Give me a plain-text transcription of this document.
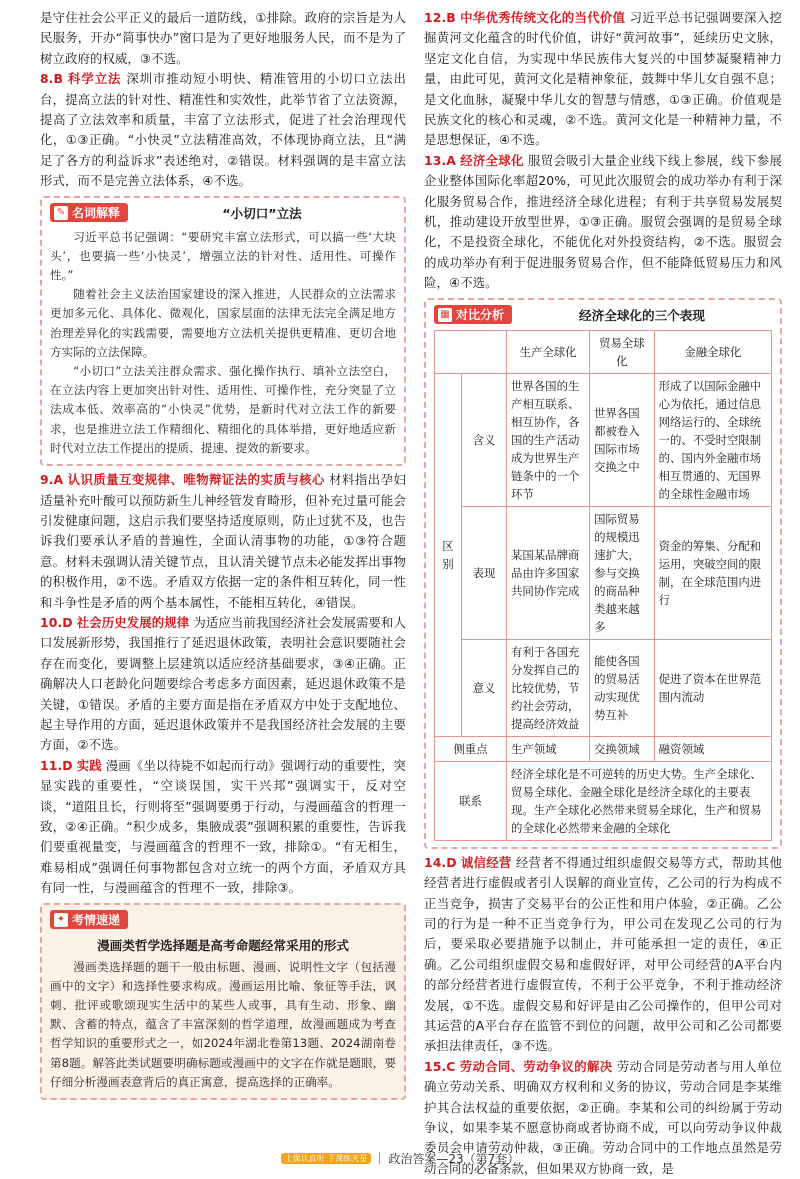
是守住社会公平正义的最后一道防线，①排除。政府的宗旨是为人民服务，开办“简事快办”窗口是为了更好地服务人民，而不是为了树立政府的权威，③不选。

8.B 科学立法 深圳市推动短小明快、精准管用的小切口立法出台，提高立法的针对性、精准性和实效性，此举节省了立法资源，提高了立法效率和质量，丰富了立法形式，促进了社会治理现代化，①③正确。“小快灵”立法精准高效，不体现协商立法，且“满足了各方的利益诉求”表述绝对，②错误。材料强调的是丰富立法形式，而不是完善立法体系，④不选。

✎ 名词解释	“小切口”立法

习近平总书记强调：“要研究丰富立法形式，可以搞一些‘大块头’，也要搞一些‘小快灵’，增强立法的针对性、适用性、可操作性。”

随着社会主义法治国家建设的深入推进，人民群众的立法需求更加多元化、具体化、微观化，国家层面的法律无法完全满足地方治理差异化的实践需要，需要地方立法机关提供更精准、更切合地方实际的立法保障。

“小切口”立法关注群众需求、强化操作执行、填补立法空白，在立法内容上更加突出针对性、适用性、可操作性，充分突显了立法成本低、效率高的“小快灵”优势，是新时代对立法工作的新要求，也是推进立法工作精细化、精细化的具体举措，更好地适应新时代对立法工作提出的提质、提速、提效的新要求。

9.A 认识质量互变规律、唯物辩证法的实质与核心 材料指出孕妇适量补充叶酸可以预防新生儿神经管发育畸形，但补充过量可能会引发健康问题，这启示我们要坚持适度原则，防止过犹不及，也告诉我们要承认矛盾的普遍性，全面认清事物的功能，①③符合题意。材料未强调认清关键节点，且认清关键节点未必能发挥出事物的积极作用，②不选。矛盾双方依据一定的条件相互转化，同一性和斗争性是矛盾的两个基本属性，不能相互转化，④错误。

10.D 社会历史发展的规律 为适应当前我国经济社会发展需要和人口发展新形势，我国推行了延迟退休政策，表明社会意识要随社会存在而变化，要调整上层建筑以适应经济基础要求，③④正确。正确解决人口老龄化问题要综合考虑多方面因素，延迟退休政策不是关键，①错误。矛盾的主要方面是指在矛盾双方中处于支配地位、起主导作用的方面，延迟退休政策并不是我国经济社会发展的主要方面，②不选。

11.D 实践 漫画《坐以待毙不如起而行动》强调行动的重要性，突显实践的重要性，“空谈误国，实干兴邦”强调实干，反对空谈，“道阻且长，行则将至”强调要勇于行动，与漫画蕴含的哲理一致，②④正确。“积少成多，集腋成裘”强调积累的重要性，告诉我们要重视量变，与漫画蕴含的哲理不一致，排除①。“有无相生，难易相成”强调任何事物都包含对立统一的两个方面，矛盾双方具有同一性，与漫画蕴含的哲理不一致，排除③。

✦ 考情速递
漫画类哲学选择题是高考命题经常采用的形式

漫画类选择题的题干一般由标题、漫画、说明性文字（包括漫画中的文字）和选择性要求构成。漫画运用比喻、象征等手法，讽刺、批评或歌颂现实生活中的某些人或事，具有生动、形象、幽默、含蓄的特点，蕴含了丰富深刻的哲学道理，故漫画题成为考查哲学知识的重要形式之一，如2024年湖北卷第13题、2024湖南卷第8题。解答此类试题要明确标题或漫画中的文字在作就是题眼，要仔细分析漫画表意背后的真正寓意，提高选择的正确率。

12.B 中华优秀传统文化的当代价值 习近平总书记强调要深入挖掘黄河文化蕴含的时代价值，讲好“黄河故事”，延续历史文脉，坚定文化自信，为实现中华民族伟大复兴的中国梦凝聚精神力量，由此可见，黄河文化是精神象征，鼓舞中华儿女自强不息；是文化血脉，凝聚中华儿女的智慧与情感，①③正确。价值观是民族文化的核心和灵魂，②不选。黄河文化是一种精神力量，不是思想保证，④不选。

13.A 经济全球化 服贸会吸引大量企业线下线上参展，线下参展企业整体国际化率超20%，可见此次服贸会的成功举办有利于深化服务贸易合作，推进经济全球化进程；有利于共享贸易发展契机，推动建设开放型世界，①③正确。服贸会强调的是贸易全球化，不是投资全球化，不能优化对外投资结构，②不选。服贸会的成功举办有利于促进服务贸易合作，但不能降低贸易压力和风险，④不选。

▦ 对比分析	经济全球化的三个表现
		生产全球化	贸易全球化	金融全球化
区别	含义	世界各国的生产相互联系、相互协作，各国的生产活动成为世界生产链条中的一个环节	世界各国都被卷入国际市场交换之中	形成了以国际金融中心为依托，通过信息网络运行的、全球统一的、不受时空限制的、国内外金融市场相互贯通的、无国界的全球性金融市场
	表现	某国某品牌商品由许多国家共同协作完成	国际贸易的规模迅速扩大，参与交换的商品种类越来越多	资金的筹集、分配和运用，突破空间的限制，在全球范围内进行
	意义	有利于各国充分发挥自己的比较优势，节约社会劳动，提高经济效益	能使各国的贸易活动实现优势互补	促进了资本在世界范围内流动
侧重点		生产领域	交换领域	融资领域
联系		经济全球化是不可逆转的历史大势。生产全球化、贸易全球化、金融全球化是经济全球化的主要表现。生产全球化必然带来贸易全球化，生产和贸易的全球化必然带来金融的全球化		

14.D 诚信经营 经营者不得通过组织虚假交易等方式，帮助其他经营者进行虚假或者引人误解的商业宣传，乙公司的行为构成不正当竞争，损害了交易平台的公正性和用户体验，②正确。乙公司的行为是一种不正当竞争行为，甲公司在发现乙公司的行为后，要采取必要措施予以制止，并可能承担一定的责任，④正确。乙公司组织虚假交易和虚假好评，对甲公司经营的A平台内的部分经营者进行虚假宣传，不利于公平竞争，不利于推动经济发展，①不选。虚假交易和好评是由乙公司操作的，但甲公司对其运营的A平台存在监管不到位的问题，故甲公司和乙公司都要承担法律责任，③不选。

15.C 劳动合同、劳动争议的解决 劳动合同是劳动者与用人单位确立劳动关系、明确双方权利和义务的协议，劳动合同是李某维护其合法权益的重要依据，②正确。李某和公司的纠纷属于劳动争议，如果李某不愿意协商或者协商不成，可以向劳动争议仲裁委员会申请劳动仲裁，③正确。劳动合同中的工作地点虽然是劳动合同的必备条款，但如果双方协商一致，是

上课认真听 下课练天星	政治答案—23（第7套）
